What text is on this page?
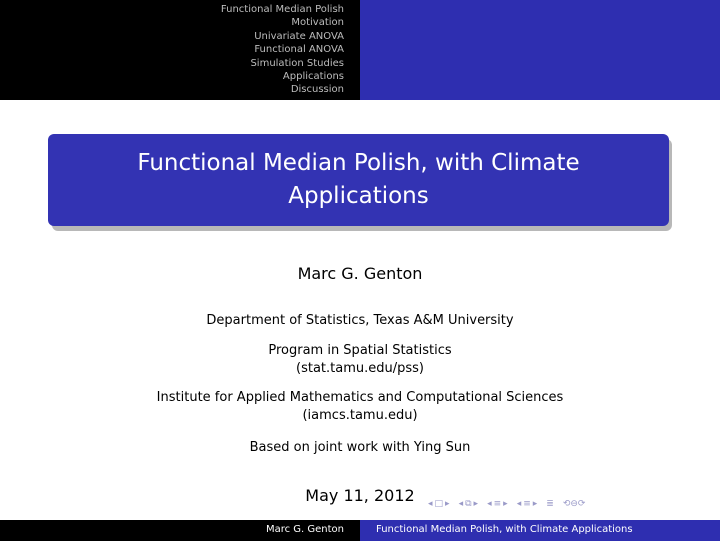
Functional Median Polish
Motivation
Univariate ANOVA
Functional ANOVA
Simulation Studies
Applications
Discussion
Functional Median Polish, with Climate Applications
Marc G. Genton
Department of Statistics, Texas A&M University
Program in Spatial Statistics
(stat.tamu.edu/pss)
Institute for Applied Mathematics and Computational Sciences
(iamcs.tamu.edu)
Based on joint work with Ying Sun
May 11, 2012	◂ □ ▸ ◂ ⧉ ▸ ◂ ≡ ▸ ◂ ≡ ▸ ≣ ⟲⊖⟳
Marc G. Genton	Functional Median Polish, with Climate Applications
